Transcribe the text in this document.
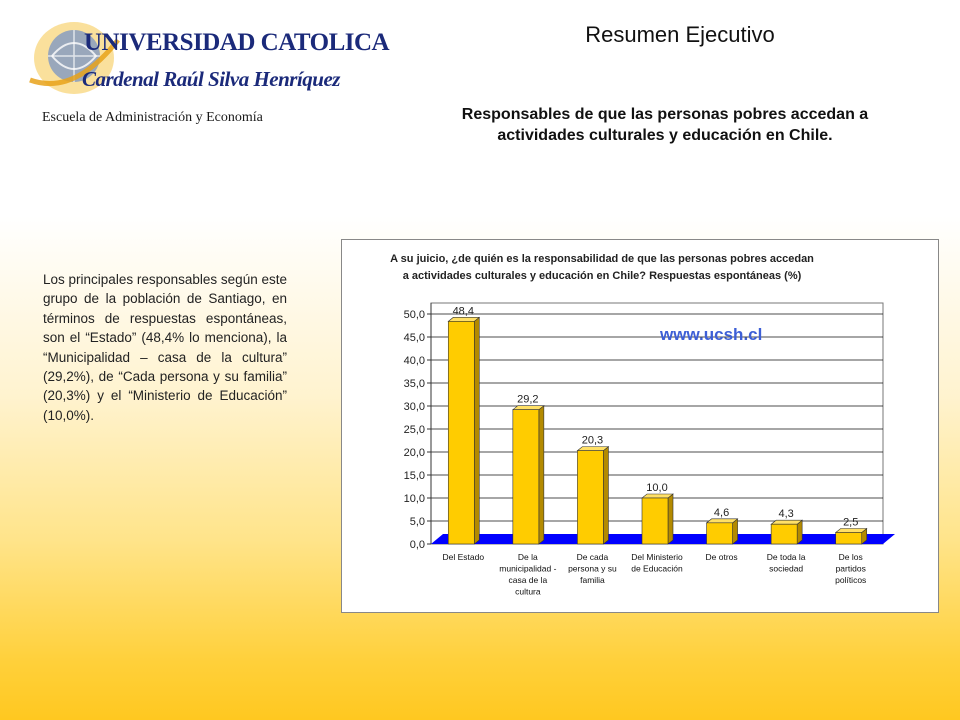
UNIVERSIDAD CATOLICA
Cardenal Raúl Silva Henríquez
Escuela de Administración y Economía
Resumen Ejecutivo
Responsables de que las personas pobres accedan a actividades culturales y educación en Chile.
Los principales responsables según este grupo de la población de Santiago, en términos de respuestas espontáneas, son el “Estado” (48,4% lo menciona), la “Municipalidad – casa de la cultura” (29,2%), de “Cada persona y su familia” (20,3%) y el “Ministerio de Educación” (10,0%).
A su juicio, ¿de quién es la responsabilidad de que las personas pobres accedan
a actividades culturales y educación en Chile? Respuestas espontáneas (%)
0,0
5,0
10,0
15,0
20,0
25,0
30,0
35,0
40,0
45,0
50,0
www.ucsh.cl
48,4
Del Estado
29,2
De la
municipalidad -
casa de la
cultura
20,3
De cada
persona y su
familia
10,0
Del Ministerio
de Educación
4,6
De otros
4,3
De toda la
sociedad
2,5
De los
partidos
políticos
